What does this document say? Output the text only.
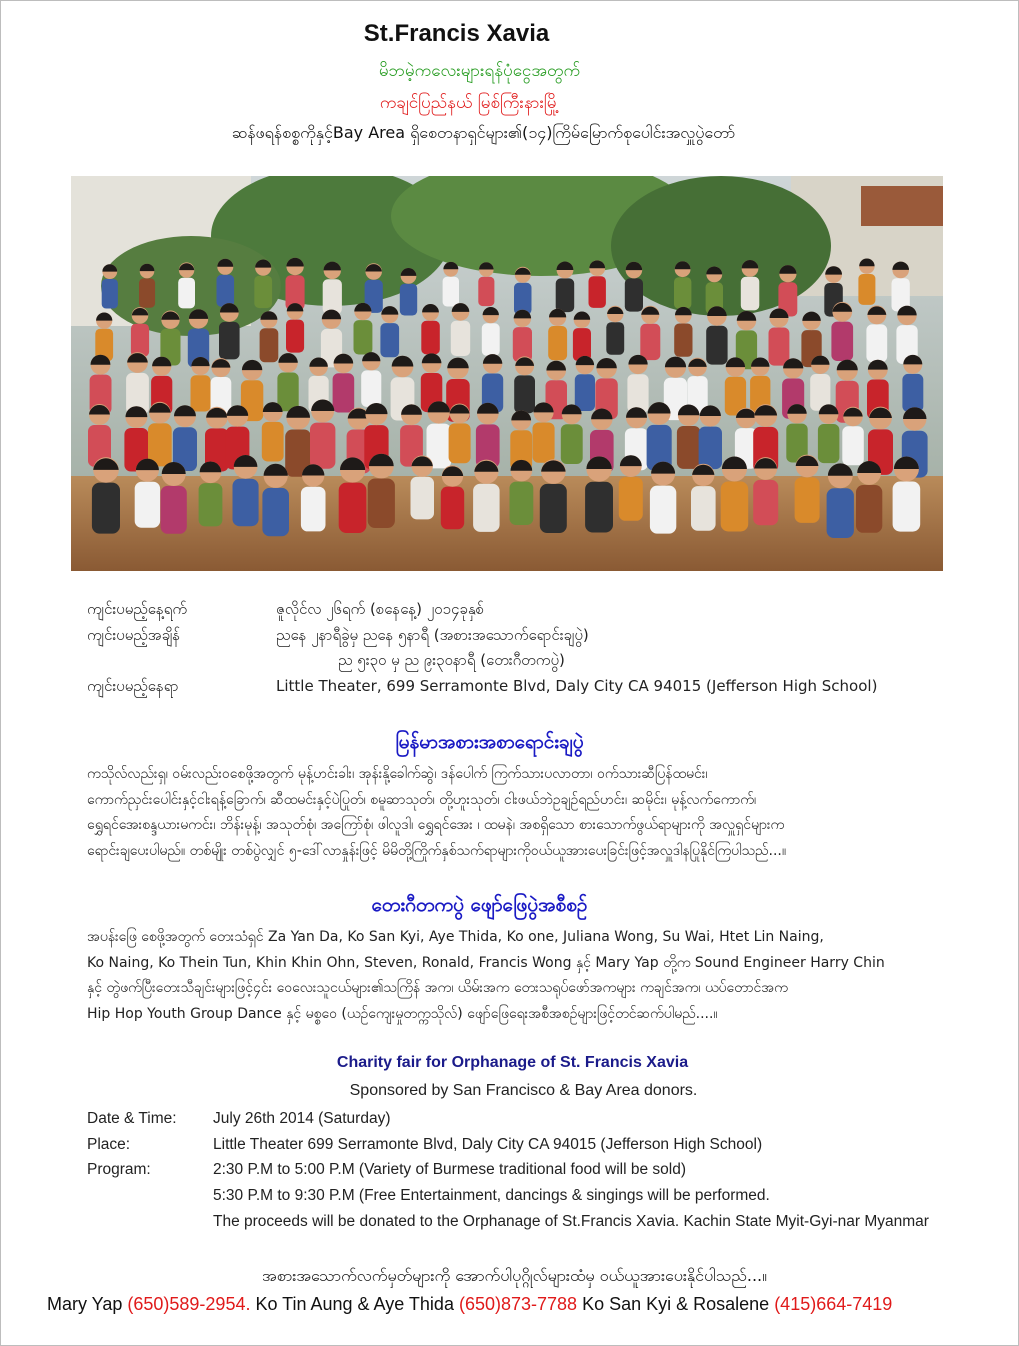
St.Francis Xavia
မိဘမဲ့ကလေးများရန်ပုံငွေအတွက်
ကချင်ပြည်နယ် မြစ်ကြီးနားမြို့
ဆန်ဖရန်စစ္စကိုနှင့်Bay Area ရှိစေတနာရှင်များ၏(၁၄)ကြိမ်မြောက်စုပေါင်းအလှူပွဲတော်
ကျင်းပမည့်နေ့ရက်	ဇူလိုင်လ ၂၆ရက် (စနေနေ့) ၂၀၁၄ခုနှစ်
ကျင်းပမည့်အချိန်	ညနေ ၂နာရီခွဲမှ ညနေ ၅နာရီ (အစားအသောက်ရောင်းချပွဲ)
ည ၅း၃၀ မှ ည ၉း၃၀နာရီ (တေးဂီတကပွဲ)
ကျင်းပမည့်နေရာ	Little Theater, 699 Serramonte Blvd, Daly City CA 94015 (Jefferson High School)
မြန်မာအစားအစာရောင်းချပွဲ
ကသိုလ်လည်းရှ၊ ဝမ်းလည်းဝစေဖို့အတွက် မုန့်ဟင်းခါး၊ အုန်းနို့ခေါက်ဆွဲ၊ ဒန်ပေါက် ကြက်သားပလာတာ၊ ဝက်သားဆီပြန်ထမင်း၊
ကောက်ညှင်းပေါင်းနှင့်ငါးရန့်ခြောက်၊ ဆီထမင်းနှင့်ပဲပြုတ်၊ စမူဆာသုတ်၊ တို့ဟူးသုတ်၊ ငါးဖယ်ဘဲဥချဉ်ရည်ဟင်း၊ ဆမိုင်း၊ မုန့်လက်ကောက်၊
ရွှေရင်အေးစန္ဒယားမကင်း၊ ဘိန်းမုန့်၊ အသုတ်စုံ၊ အကြော်စုံ၊ ဖါလူဒါ၊ ရွှေရင်အေး ၊ ထမနဲ၊ အစရှိသော စားသောက်ဖွယ်ရာများကို အလှူရှင်များက
ရောင်းချပေးပါမည်။ တစ်မျိုး တစ်ပွဲလျှင် ၅-ဒေါ်လာနှုန်းဖြင့် မိမိတို့ကြိုက်နှစ်သက်ရာများကိုဝယ်ယူအားပေးခြင်းဖြင့်အလှူဒါနပြုနိုင်ကြပါသည်...။
တေးဂီတကပွဲ ဖျော်ဖြေပွဲအစီစဉ်
အပန်းဖြေ စေဖို့အတွက် တေးသံရှင် Za Yan Da, Ko San Kyi, Aye Thida, Ko one, Juliana Wong, Su Wai, Htet Lin Naing,
Ko Naing, Ko Thein Tun, Khin Khin Ohn, Steven, Ronald, Francis Wong နှင့် Mary Yap တို့က Sound Engineer Harry Chin
နှင့် တွဲဖက်ပြီးတေးသီချင်းများဖြင့်၄င်း ဝေလေးသူငယ်များ၏သကြိန် အက၊ ယိမ်းအက တေးသရုပ်ဖော်အကများ ကချင်အက၊ ယပ်တောင်အက
Hip Hop Youth Group Dance နှင့် မစ္စဝေ (ယဉ်ကျေးမှုတက္ကသိုလ်) ဖျော်ဖြေရေးအစီအစဉ်များဖြင့်တင်ဆက်ပါမည်....။
Charity fair for Orphanage of St. Francis Xavia
Sponsored by San Francisco & Bay Area donors.
Date & Time: July 26th 2014 (Saturday)
Place:	Little Theater 699 Serramonte Blvd, Daly City CA 94015 (Jefferson High School)
Program:	2:30 P.M to 5:00 P.M (Variety of Burmese traditional food will be sold)
5:30 P.M to 9:30 P.M (Free Entertainment, dancings & singings will be performed.
The proceeds will be donated to the Orphanage of St.Francis Xavia. Kachin State Myit-Gyi-nar Myanmar
အစားအသောက်လက်မှတ်များကို အောက်ပါပုဂ္ဂိုလ်များထံမှ ဝယ်ယူအားပေးနိုင်ပါသည်...။
Mary Yap (650)589-2954. Ko Tin Aung & Aye Thida (650)873-7788 Ko San Kyi & Rosalene (415)664-7419
